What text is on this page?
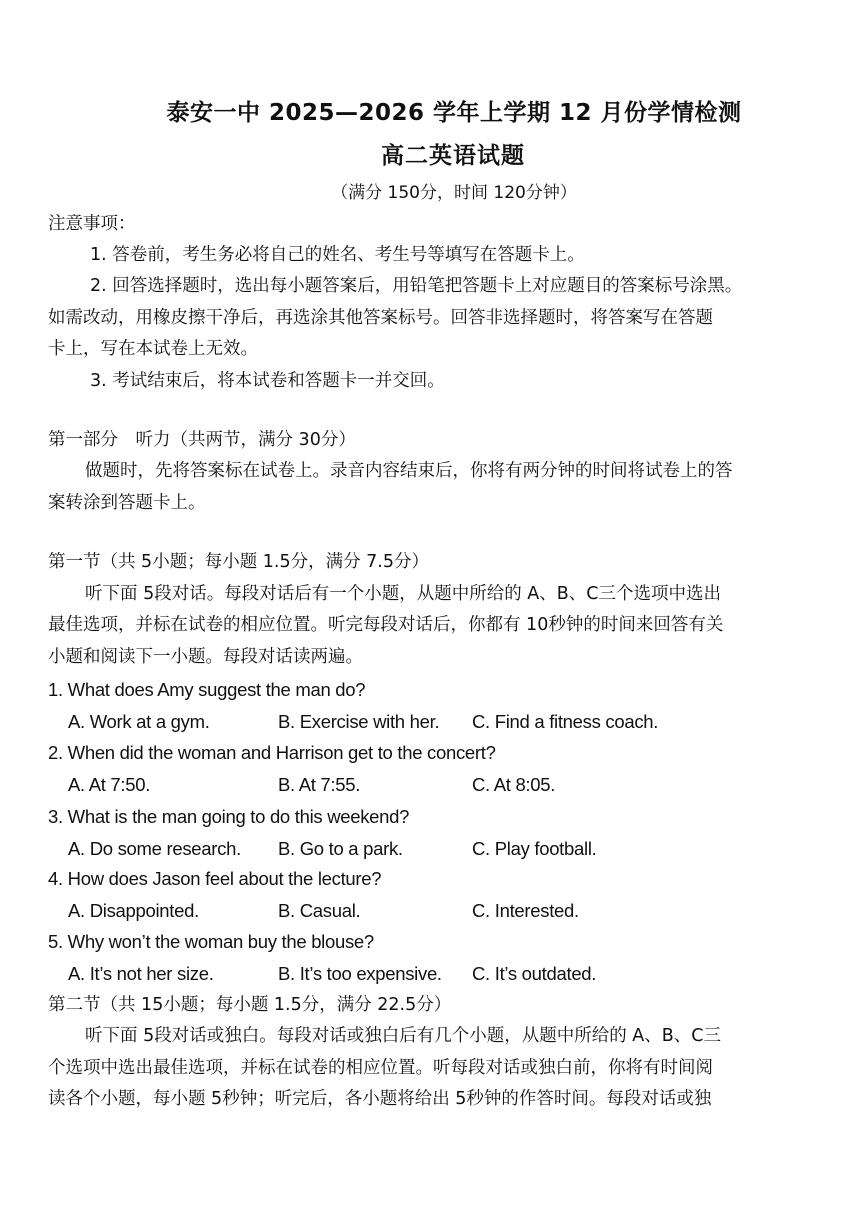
泰安一中 2025—2026 学年上学期 12 月份学情检测
高二英语试题
（满分 150分，时间 120分钟）
注意事项：
1. 答卷前，考生务必将自己的姓名、考生号等填写在答题卡上。
2. 回答选择题时，选出每小题答案后，用铅笔把答题卡上对应题目的答案标号涂黑。
如需改动，用橡皮擦干净后，再选涂其他答案标号。回答非选择题时，将答案写在答题
卡上，写在本试卷上无效。
3. 考试结束后，将本试卷和答题卡一并交回。
第一部分　听力（共两节，满分 30分）
做题时，先将答案标在试卷上。录音内容结束后，你将有两分钟的时间将试卷上的答
案转涂到答题卡上。
第一节（共 5小题；每小题 1.5分，满分 7.5分）
听下面 5段对话。每段对话后有一个小题，从题中所给的 A、B、C三个选项中选出
最佳选项，并标在试卷的相应位置。听完每段对话后，你都有 10秒钟的时间来回答有关
小题和阅读下一小题。每段对话读两遍。
1. What does Amy suggest the man do?
A. Work at a gym.	B. Exercise with her. C. Find a fitness coach.
2. When did the woman and Harrison get to the concert?
A. At 7:50.	B. At 7:55.	C. At 8:05.
3. What is the man going to do this weekend?
A. Do some research. B. Go to a park.	C. Play football.
4. How does Jason feel about the lecture?
A. Disappointed.	B. Casual.	C. Interested.
5. Why won’t the woman buy the blouse?
A. It’s not her size.	B. It’s too expensive. C. It’s outdated.
第二节（共 15小题；每小题 1.5分，满分 22.5分）
听下面 5段对话或独白。每段对话或独白后有几个小题，从题中所给的 A、B、C三
个选项中选出最佳选项，并标在试卷的相应位置。听每段对话或独白前，你将有时间阅
读各个小题，每小题 5秒钟；听完后，各小题将给出 5秒钟的作答时间。每段对话或独
